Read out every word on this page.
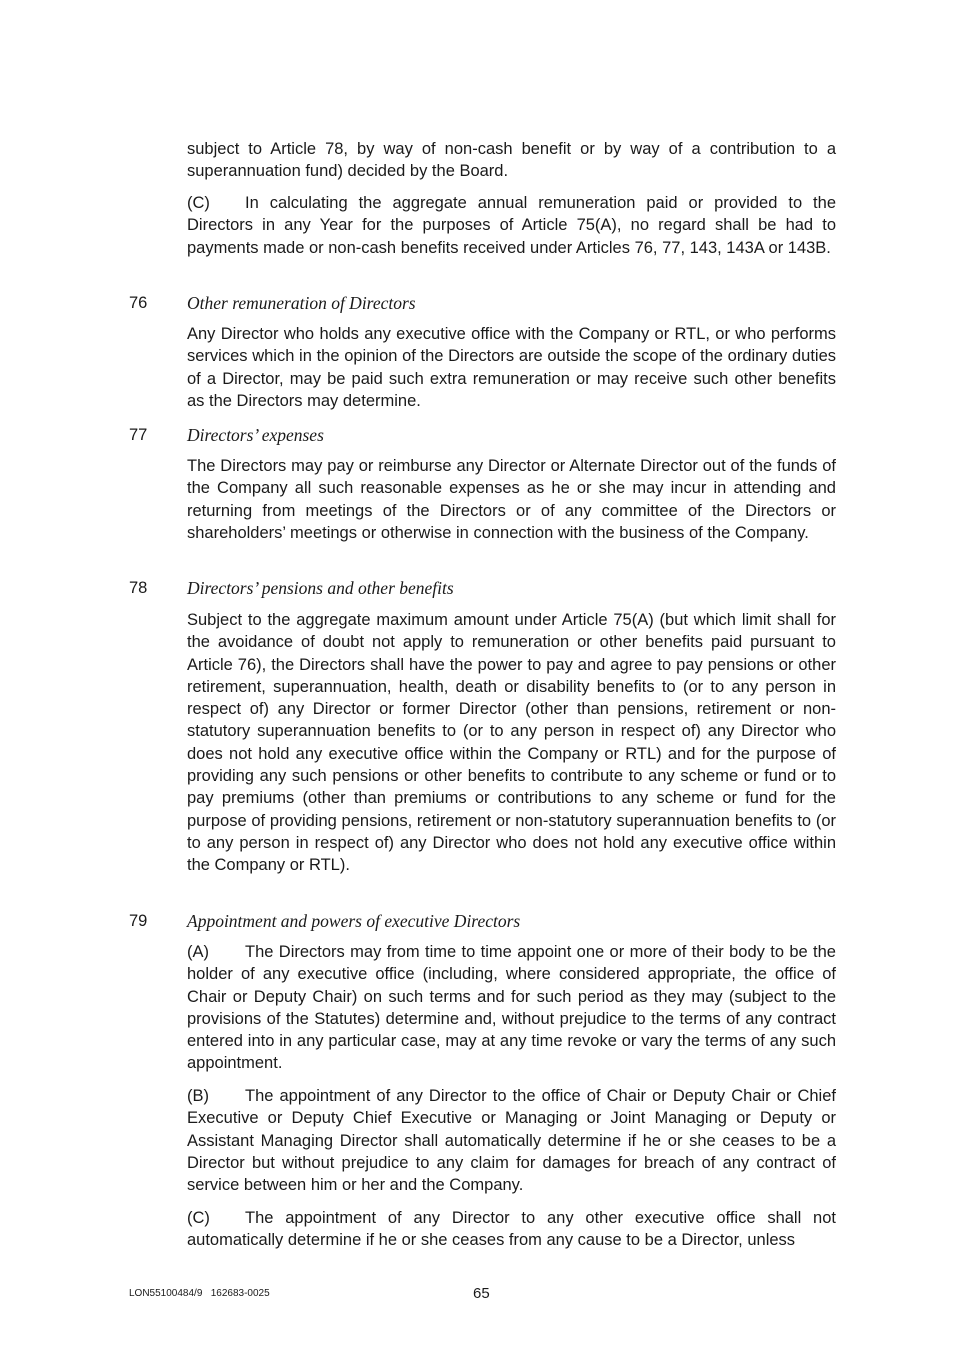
subject to Article 78, by way of non-cash benefit or by way of a contribution to a superannuation fund) decided by the Board.

(C) In calculating the aggregate annual remuneration paid or provided to the Directors in any Year for the purposes of Article 75(A), no regard shall be had to payments made or non-cash benefits received under Articles 76, 77, 143, 143A or 143B.

76 Other remuneration of Directors

Any Director who holds any executive office with the Company or RTL, or who performs services which in the opinion of the Directors are outside the scope of the ordinary duties of a Director, may be paid such extra remuneration or may receive such other benefits as the Directors may determine.

77 Directors’ expenses

The Directors may pay or reimburse any Director or Alternate Director out of the funds of the Company all such reasonable expenses as he or she may incur in attending and returning from meetings of the Directors or of any committee of the Directors or shareholders’ meetings or otherwise in connection with the business of the Company.

78 Directors’ pensions and other benefits

Subject to the aggregate maximum amount under Article 75(A) (but which limit shall for the avoidance of doubt not apply to remuneration or other benefits paid pursuant to Article 76), the Directors shall have the power to pay and agree to pay pensions or other retirement, superannuation, health, death or disability benefits to (or to any person in respect of) any Director or former Director (other than pensions, retirement or non-statutory superannuation benefits to (or to any person in respect of) any Director who does not hold any executive office within the Company or RTL) and for the purpose of providing any such pensions or other benefits to contribute to any scheme or fund or to pay premiums (other than premiums or contributions to any scheme or fund for the purpose of providing pensions, retirement or non-statutory superannuation benefits to (or to any person in respect of) any Director who does not hold any executive office within the Company or RTL).

79 Appointment and powers of executive Directors

(A) The Directors may from time to time appoint one or more of their body to be the holder of any executive office (including, where considered appropriate, the office of Chair or Deputy Chair) on such terms and for such period as they may (subject to the provisions of the Statutes) determine and, without prejudice to the terms of any contract entered into in any particular case, may at any time revoke or vary the terms of any such appointment.

(B) The appointment of any Director to the office of Chair or Deputy Chair or Chief Executive or Deputy Chief Executive or Managing or Joint Managing or Deputy or Assistant Managing Director shall automatically determine if he or she ceases to be a Director but without prejudice to any claim for damages for breach of any contract of service between him or her and the Company.

(C) The appointment of any Director to any other executive office shall not automatically determine if he or she ceases from any cause to be a Director, unless

LON55100484/9   162683-0025	65
